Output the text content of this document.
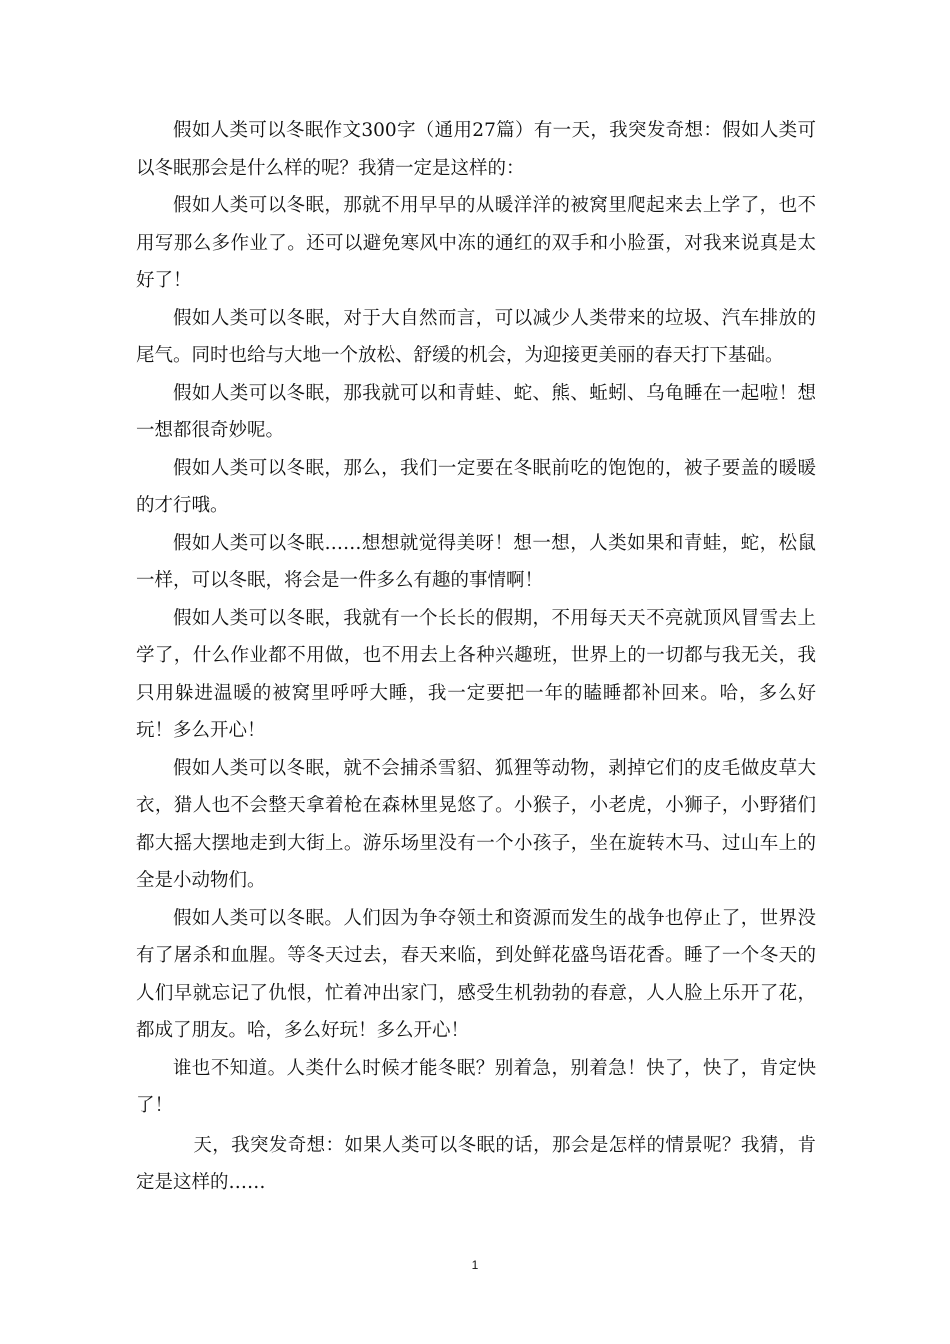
假如人类可以冬眠作文300字（通用27篇）有一天，我突发奇想：假如人类可以冬眠那会是什么样的呢？我猜一定是这样的：

假如人类可以冬眠，那就不用早早的从暖洋洋的被窝里爬起来去上学了，也不用写那么多作业了。还可以避免寒风中冻的通红的双手和小脸蛋，对我来说真是太好了！

假如人类可以冬眠，对于大自然而言，可以减少人类带来的垃圾、汽车排放的尾气。同时也给与大地一个放松、舒缓的机会，为迎接更美丽的春天打下基础。

假如人类可以冬眠，那我就可以和青蛙、蛇、熊、蚯蚓、乌龟睡在一起啦！想一想都很奇妙呢。

假如人类可以冬眠，那么，我们一定要在冬眠前吃的饱饱的，被子要盖的暖暖的才行哦。

假如人类可以冬眠……想想就觉得美呀！想一想，人类如果和青蛙，蛇，松鼠一样，可以冬眠，将会是一件多么有趣的事情啊！

假如人类可以冬眠，我就有一个长长的假期，不用每天天不亮就顶风冒雪去上学了，什么作业都不用做，也不用去上各种兴趣班，世界上的一切都与我无关，我只用躲进温暖的被窝里呼呼大睡，我一定要把一年的瞌睡都补回来。哈，多么好玩！多么开心！

假如人类可以冬眠，就不会捕杀雪貂、狐狸等动物，剥掉它们的皮毛做皮草大衣，猎人也不会整天拿着枪在森林里晃悠了。小猴子，小老虎，小狮子，小野猪们都大摇大摆地走到大街上。游乐场里没有一个小孩子，坐在旋转木马、过山车上的全是小动物们。

假如人类可以冬眠。人们因为争夺领土和资源而发生的战争也停止了，世界没有了屠杀和血腥。等冬天过去，春天来临，到处鲜花盛鸟语花香。睡了一个冬天的人们早就忘记了仇恨，忙着冲出家门，感受生机勃勃的春意，人人脸上乐开了花，都成了朋友。哈，多么好玩！多么开心！

谁也不知道。人类什么时候才能冬眠？别着急，别着急！快了，快了，肯定快了！

天，我突发奇想：如果人类可以冬眠的话，那会是怎样的情景呢？我猜，肯定是这样的……

1
